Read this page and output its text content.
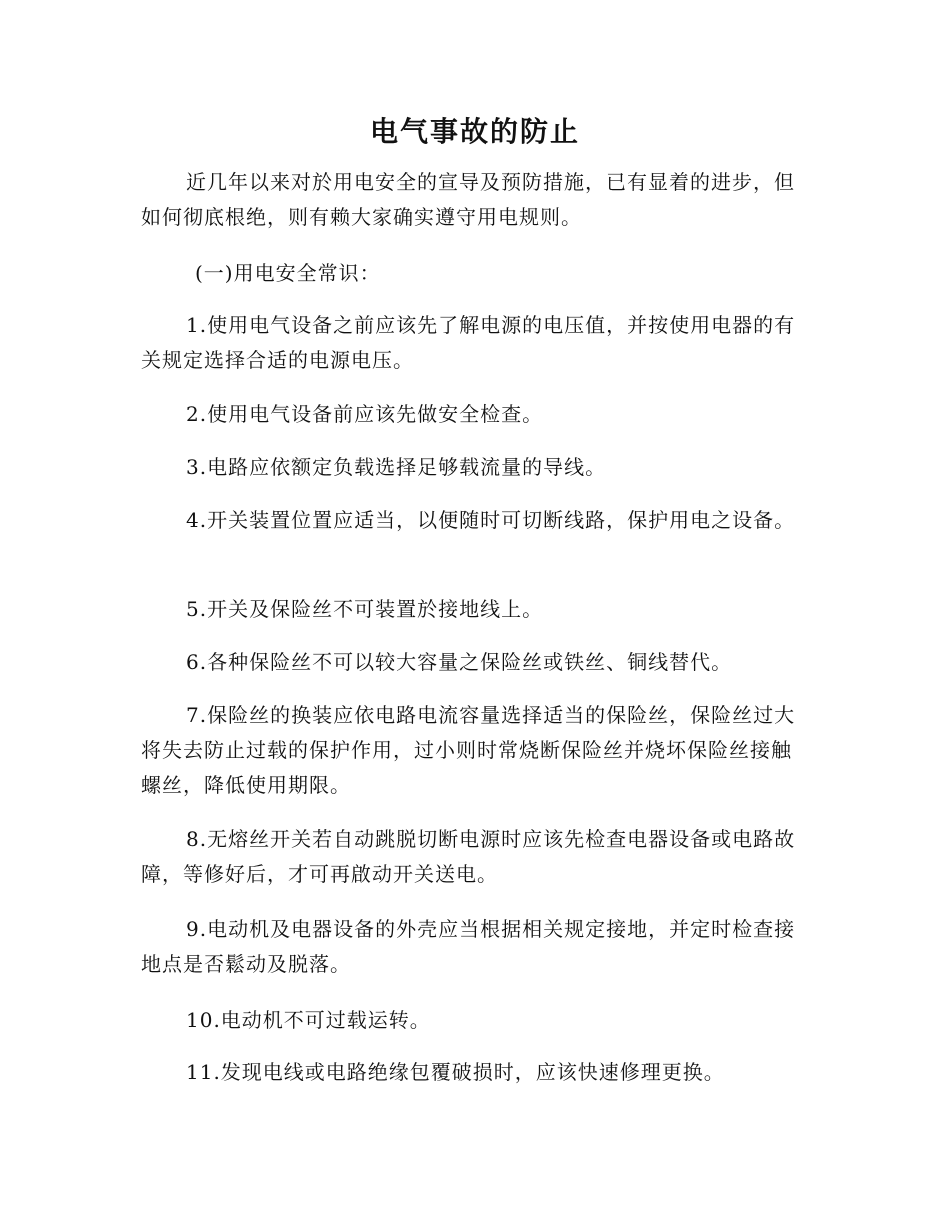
电气事故的防止

近几年以来对於用电安全的宣导及预防措施，已有显着的进步，但如何彻底根绝，则有赖大家确实遵守用电规则。

(一)用电安全常识：

1.使用电气设备之前应该先了解电源的电压值，并按使用电器的有关规定选择合适的电源电压。

2.使用电气设备前应该先做安全检查。

3.电路应依额定负载选择足够载流量的导线。

4.开关装置位置应适当，以便随时可切断线路，保护用电之设备。

5.开关及保险丝不可装置於接地线上。

6.各种保险丝不可以较大容量之保险丝或铁丝、铜线替代。

7.保险丝的换装应依电路电流容量选择适当的保险丝，保险丝过大将失去防止过载的保护作用，过小则时常烧断保险丝并烧坏保险丝接触螺丝，降低使用期限。

8.无熔丝开关若自动跳脱切断电源时应该先检查电器设备或电路故障，等修好后，才可再啟动开关送电。

9.电动机及电器设备的外壳应当根据相关规定接地，并定时检查接地点是否鬆动及脱落。

10.电动机不可过载运转。

11.发现电线或电路绝缘包覆破损时，应该快速修理更换。
